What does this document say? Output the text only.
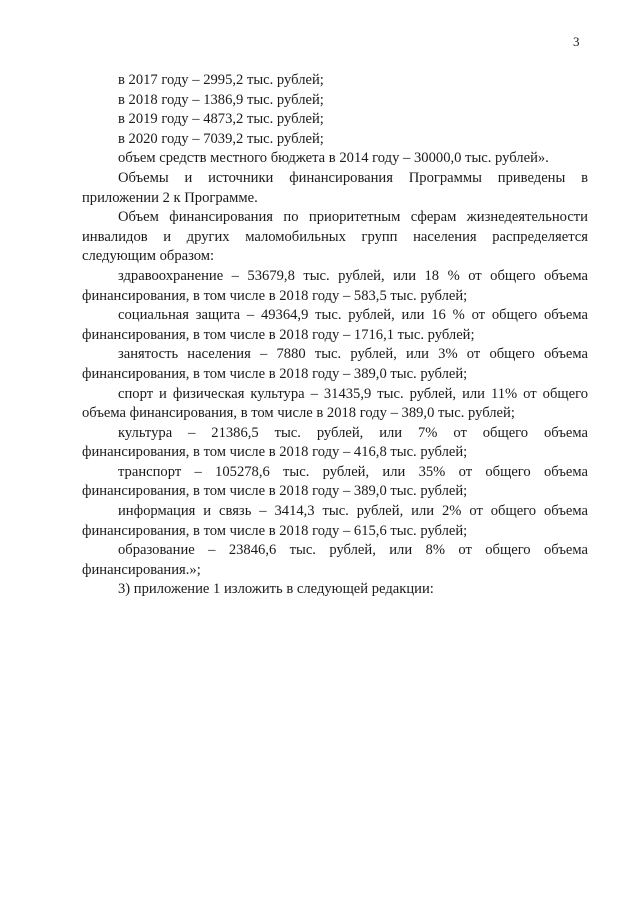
3

в 2017 году – 2995,2 тыс. рублей;

в 2018 году – 1386,9 тыс. рублей;

в 2019 году – 4873,2 тыс. рублей;

в 2020 году – 7039,2 тыс. рублей;

объем средств местного бюджета в 2014 году – 30000,0 тыс. рублей».

Объемы и источники финансирования Программы приведены в приложении 2 к Программе.

Объем финансирования по приоритетным сферам жизнедеятельности инвалидов и других маломобильных групп населения распределяется следующим образом:

здравоохранение – 53679,8 тыс. рублей, или 18 % от общего объема финансирования, в том числе в 2018 году – 583,5 тыс. рублей;

социальная защита – 49364,9 тыс. рублей, или 16 % от общего объема финансирования, в том числе в 2018 году – 1716,1 тыс. рублей;

занятость населения – 7880 тыс. рублей, или 3% от общего объема финансирования, в том числе в 2018 году – 389,0 тыс. рублей;

спорт и физическая культура – 31435,9 тыс. рублей, или 11% от общего объема финансирования, в том числе в 2018 году – 389,0 тыс. рублей;

культура – 21386,5 тыс. рублей, или 7% от общего объема финансирования, в том числе в 2018 году – 416,8 тыс. рублей;

транспорт – 105278,6 тыс. рублей, или 35% от общего объема финансирования, в том числе в 2018 году – 389,0 тыс. рублей;

информация и связь – 3414,3 тыс. рублей, или 2% от общего объема финансирования, в том числе в 2018 году – 615,6 тыс. рублей;

образование – 23846,6 тыс. рублей, или 8% от общего объема финансирования.»;

3) приложение 1 изложить в следующей редакции:
